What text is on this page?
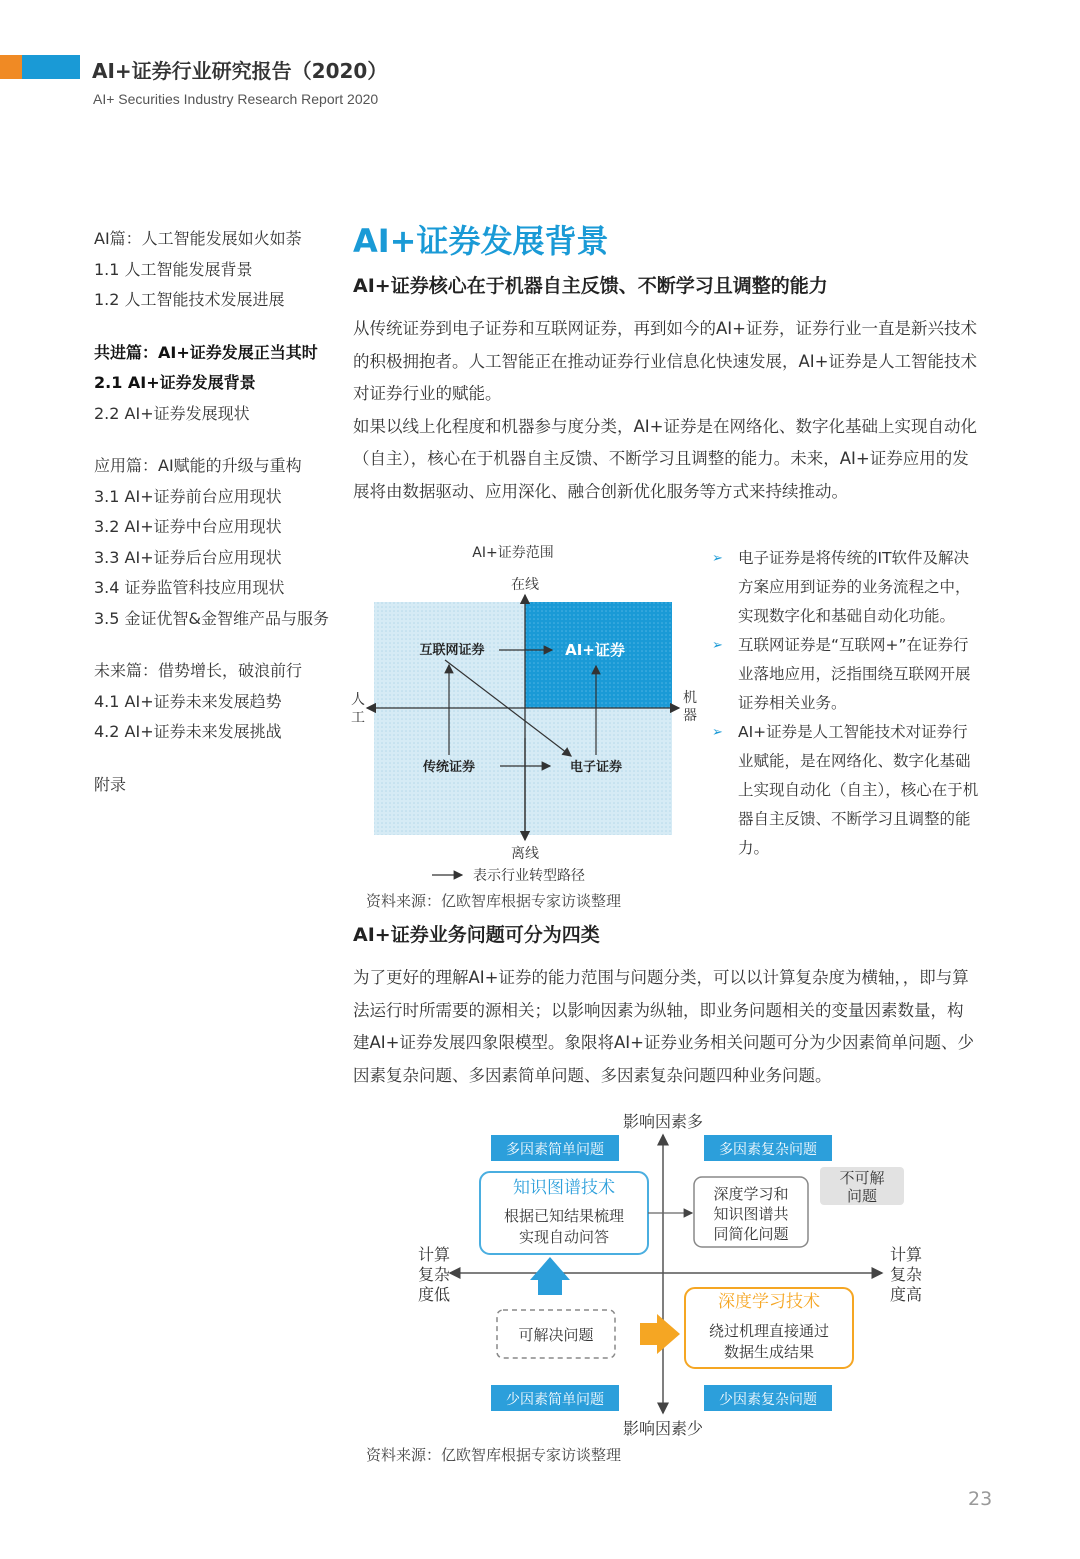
AI+证券行业研究报告（2020）
AI+ Securities Industry Research Report 2020
AI篇：人工智能发展如火如荼
1.1 人工智能发展背景
1.2 人工智能技术发展进展
共进篇：AI+证券发展正当其时
2.1 AI+证券发展背景
2.2 AI+证券发展现状
应用篇：AI赋能的升级与重构
3.1 AI+证券前台应用现状
3.2 AI+证券中台应用现状
3.3 AI+证券后台应用现状
3.4 证券监管科技应用现状
3.5 金证优智&金智维产品与服务
未来篇：借势增长，破浪前行
4.1 AI+证券未来发展趋势
4.2 AI+证券未来发展挑战
附录
AI+证券发展背景
AI+证券核心在于机器自主反馈、不断学习且调整的能力

从传统证券到电子证券和互联网证券，再到如今的AI+证券，证券行业一直是新兴技术的积极拥抱者。人工智能正在推动证券行业信息化快速发展，AI+证券是人工智能技术对证券行业的赋能。

如果以线上化程度和机器参与度分类，AI+证券是在网络化、数字化基础上实现自动化（自主），核心在于机器自主反馈、不断学习且调整的能力。未来，AI+证券应用的发展将由数据驱动、应用深化、融合创新优化服务等方式来持续推动。

AI+证券范围
在线
互联网证券	AI+证券
传统证券	电子证券
人
工
机
器
离线
表示行业转型路径
资料来源：亿欧智库根据专家访谈整理
➢ 电子证券是将传统的IT软件及解决方案应用到证券的业务流程之中，实现数字化和基础自动化功能。
➢ 互联网证券是“互联网+”在证券行业落地应用，泛指围绕互联网开展证券相关业务。
➢ AI+证券是人工智能技术对证券行业赋能，是在网络化、数字化基础上实现自动化（自主），核心在于机器自主反馈、不断学习且调整的能力。
AI+证券业务问题可分为四类

为了更好的理解AI+证券的能力范围与问题分类，可以以计算复杂度为横轴，，即与算法运行时所需要的源相关；以影响因素为纵轴，即业务问题相关的变量因素数量，构建AI+证券发展四象限模型。象限将AI+证券业务相关问题可分为少因素简单问题、少因素复杂问题、多因素简单问题、多因素复杂问题四种业务问题。

影响因素多
影响因素少
计算
复杂
度低
计算
复杂
度高
多因素简单问题	多因素复杂问题
少因素简单问题	少因素复杂问题
知识图谱技术
根据已知结果梳理
实现自动问答
深度学习和
知识图谱共
同简化问题
不可解
问题
可解决问题
深度学习技术
绕过机理直接通过
数据生成结果
资料来源：亿欧智库根据专家访谈整理
23
